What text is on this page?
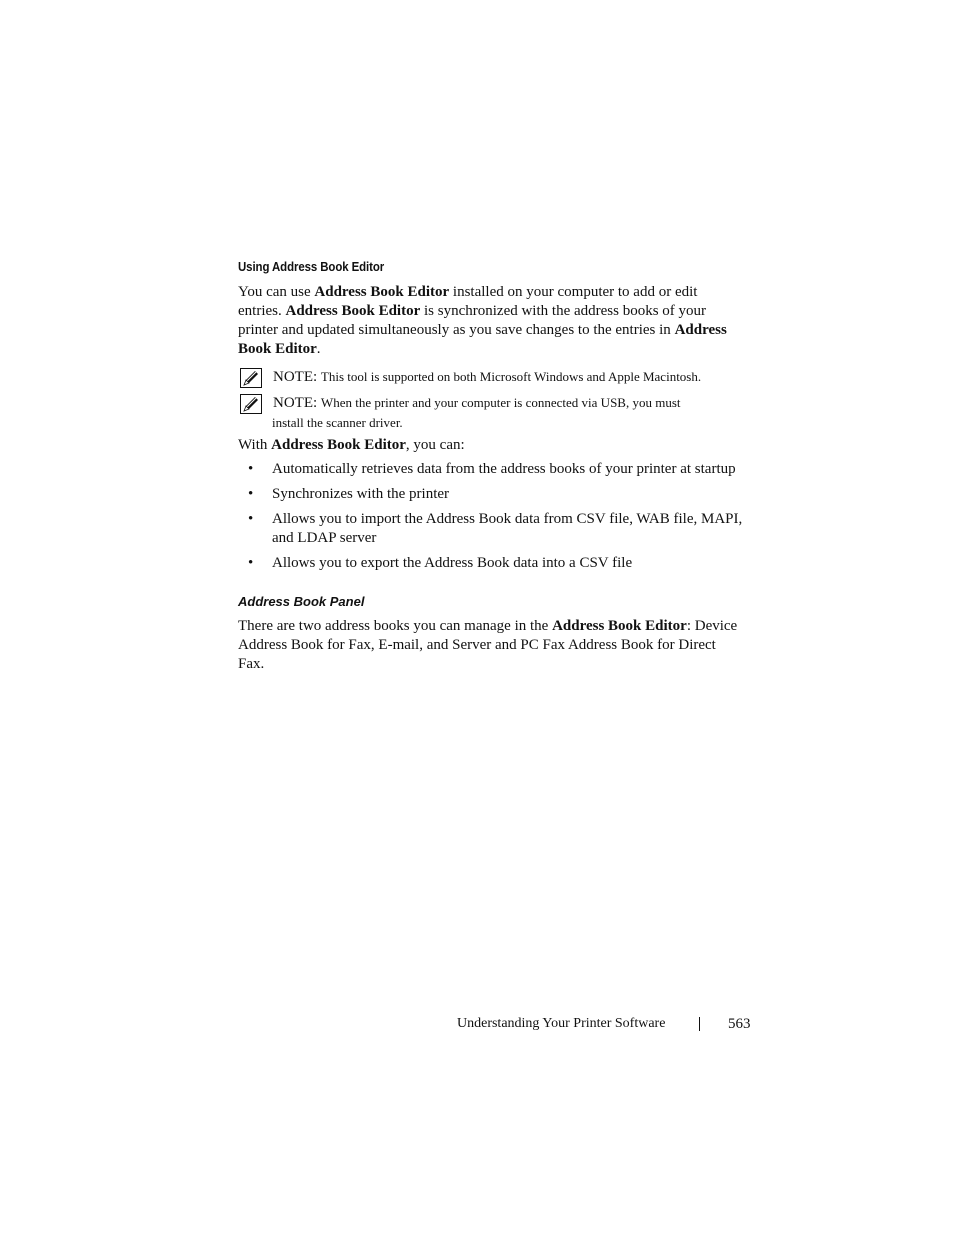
Using Address Book Editor

You can use Address Book Editor installed on your computer to add or edit entries. Address Book Editor is synchronized with the address books of your printer and updated simultaneously as you save changes to the entries in Address Book Editor.

NOTE: This tool is supported on both Microsoft Windows and Apple Macintosh.
NOTE: When the printer and your computer is connected via USB, you must
install the scanner driver.

With Address Book Editor, you can:

• Automatically retrieves data from the address books of your printer at startup
• Synchronizes with the printer
• Allows you to import the Address Book data from CSV file, WAB file, MAPI, and LDAP server
• Allows you to export the Address Book data into a CSV file
Address Book Panel

There are two address books you can manage in the Address Book Editor: Device Address Book for Fax, E-mail, and Server and PC Fax Address Book for Direct Fax.

Understanding Your Printer Software	563
